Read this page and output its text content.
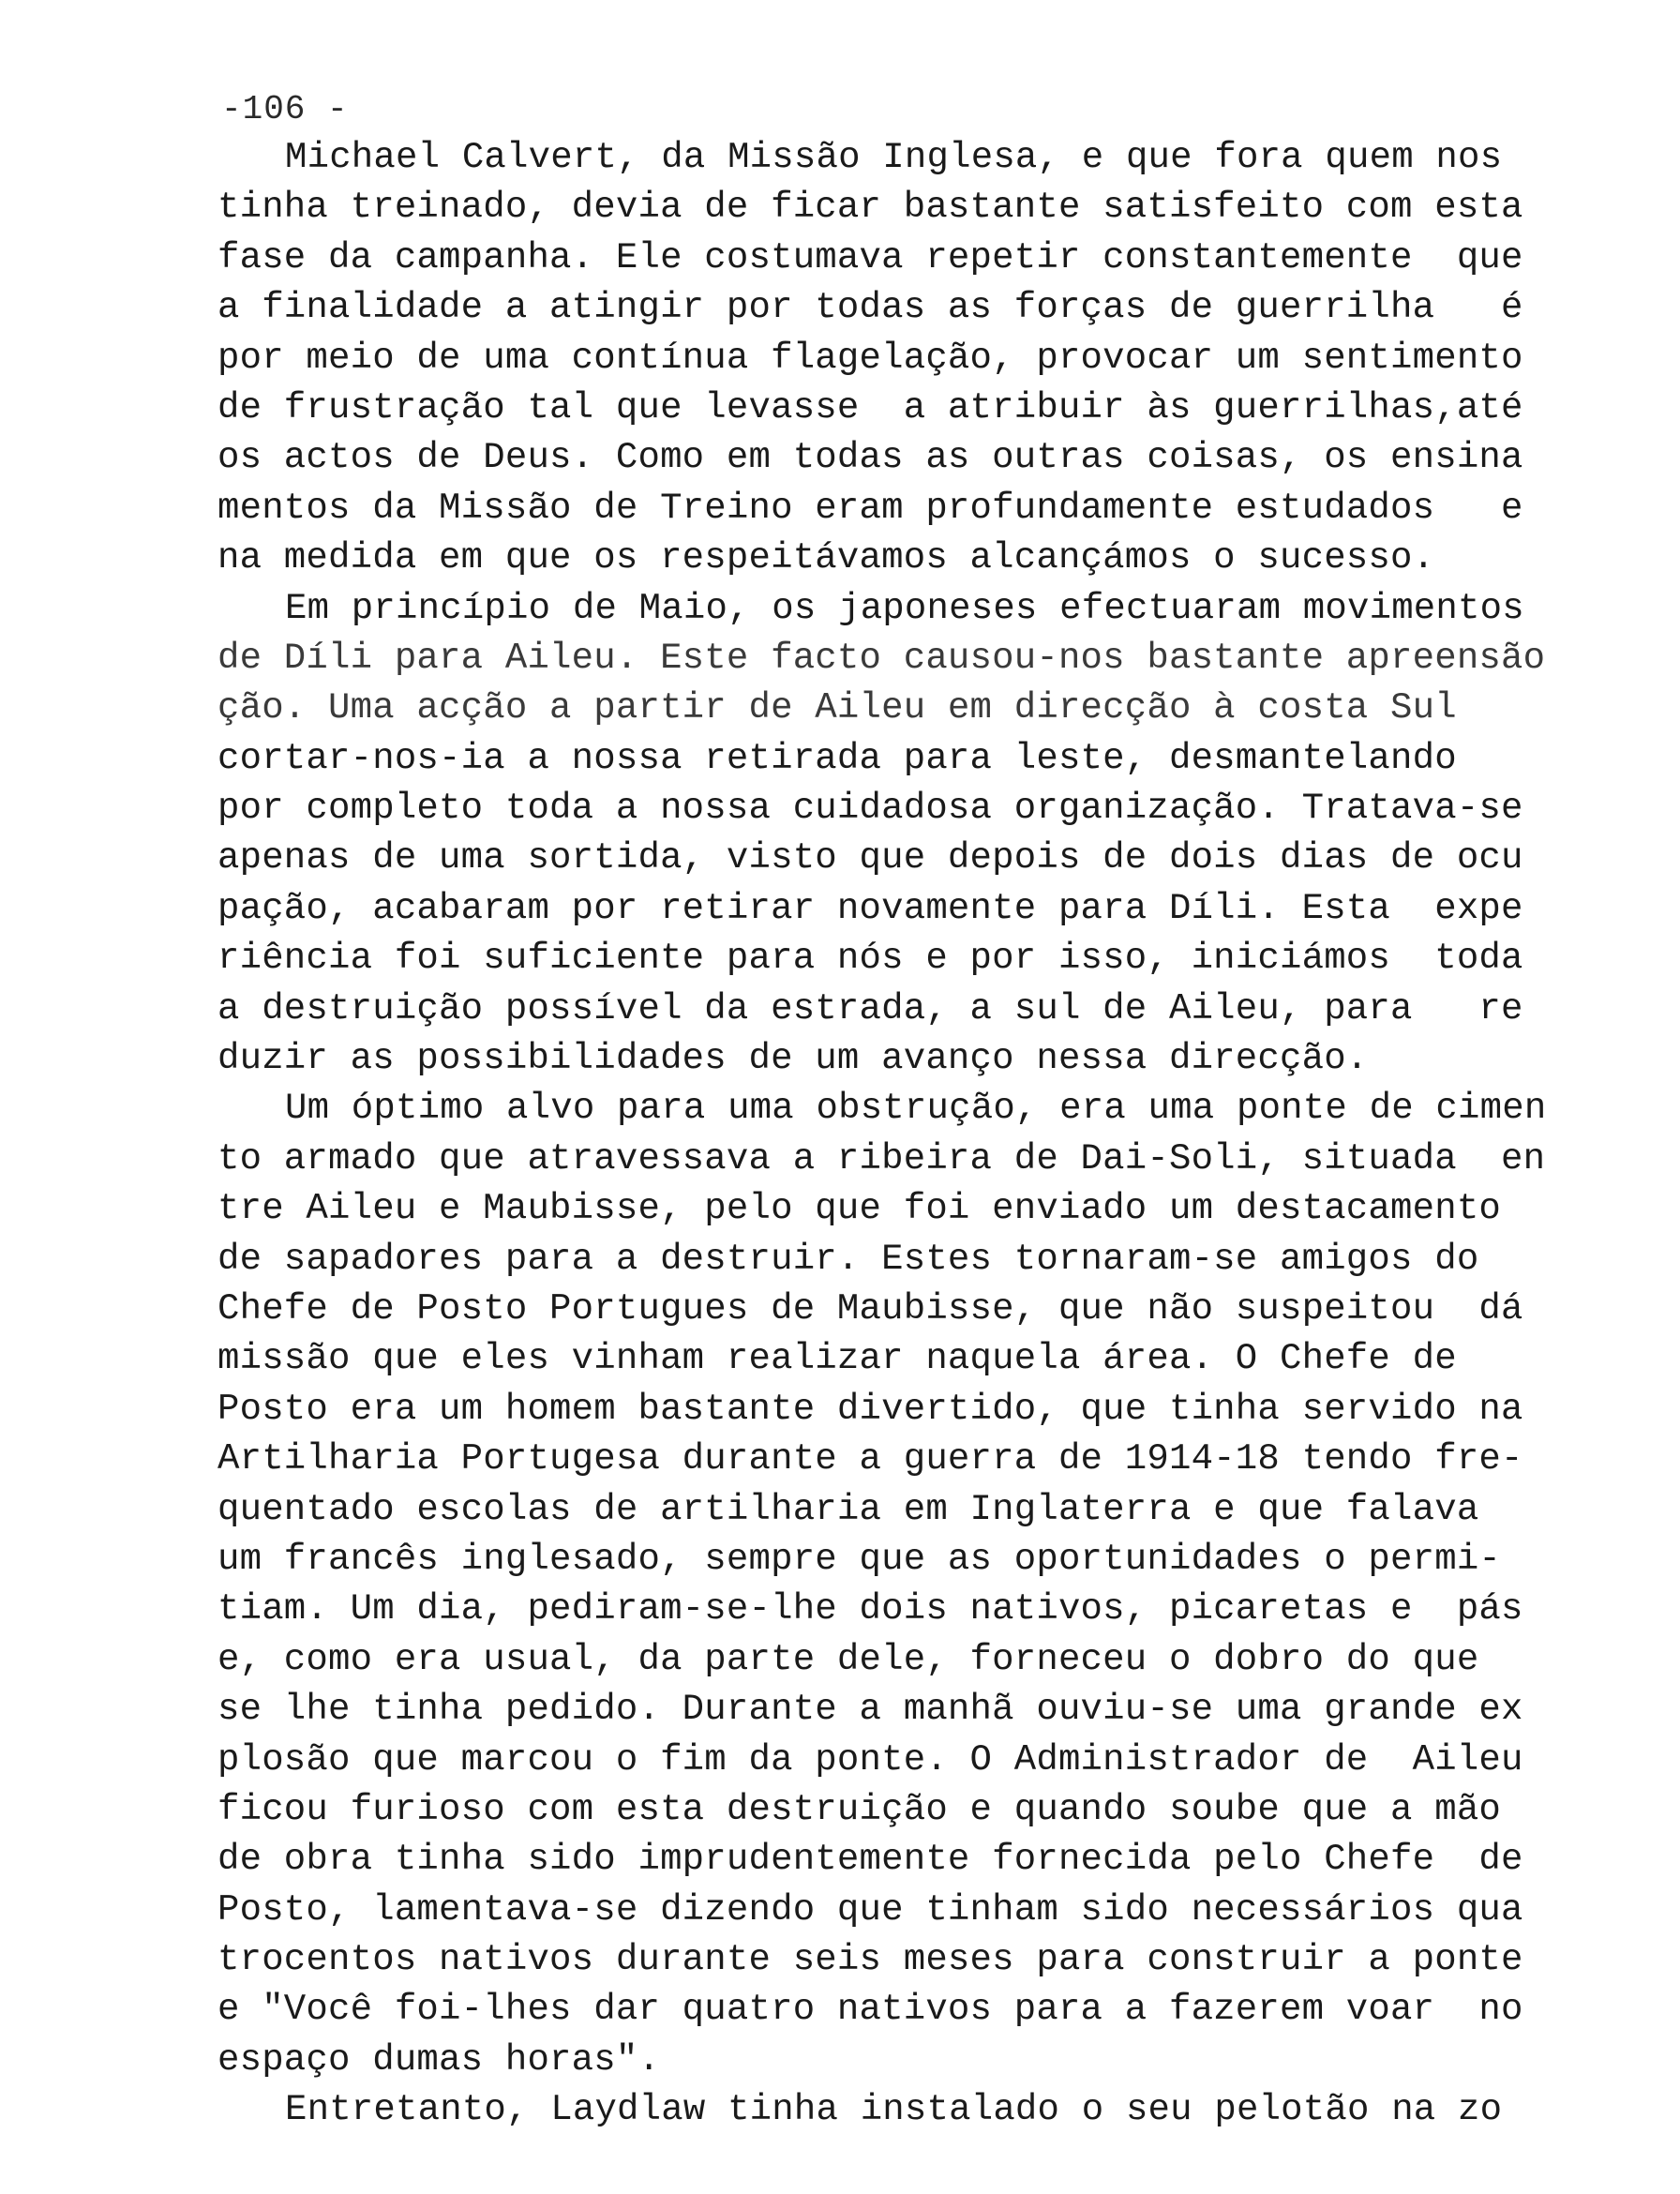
-106 -
Michael Calvert, da Missão Inglesa, e que fora quem nos
tinha treinado, devia de ficar bastante satisfeito com esta
fase da campanha. Ele costumava repetir constantemente  que
a finalidade a atingir por todas as forças de guerrilha   é
por meio de uma contínua flagelação, provocar um sentimento
de frustração tal que levasse  a atribuir às guerrilhas,até
os actos de Deus. Como em todas as outras coisas, os ensina
mentos da Missão de Treino eram profundamente estudados   e
na medida em que os respeitávamos alcançámos o sucesso.
Em princípio de Maio, os japoneses efectuaram movimentos
de Díli para Aileu. Este facto causou-nos bastante apreensão
ção. Uma acção a partir de Aileu em direcção à costa Sul
cortar-nos-ia a nossa retirada para leste, desmantelando
por completo toda a nossa cuidadosa organização. Tratava-se
apenas de uma sortida, visto que depois de dois dias de ocu
pação, acabaram por retirar novamente para Díli. Esta  expe
riência foi suficiente para nós e por isso, iniciámos  toda
a destruição possível da estrada, a sul de Aileu, para   re
duzir as possibilidades de um avanço nessa direcção.
Um óptimo alvo para uma obstrução, era uma ponte de cimen
to armado que atravessava a ribeira de Dai-Soli, situada  en
tre Aileu e Maubisse, pelo que foi enviado um destacamento
de sapadores para a destruir. Estes tornaram-se amigos do
Chefe de Posto Portugues de Maubisse, que não suspeitou  dá
missão que eles vinham realizar naquela área. O Chefe de
Posto era um homem bastante divertido, que tinha servido na
Artilharia Portugesa durante a guerra de 1914-18 tendo fre-
quentado escolas de artilharia em Inglaterra e que falava
um francês inglesado, sempre que as oportunidades o permi-
tiam. Um dia, pediram-se-lhe dois nativos, picaretas e  pás
e, como era usual, da parte dele, forneceu o dobro do que
se lhe tinha pedido. Durante a manhã ouviu-se uma grande ex
plosão que marcou o fim da ponte. O Administrador de  Aileu
ficou furioso com esta destruição e quando soube que a mão
de obra tinha sido imprudentemente fornecida pelo Chefe  de
Posto, lamentava-se dizendo que tinham sido necessários qua
trocentos nativos durante seis meses para construir a ponte
e "Você foi-lhes dar quatro nativos para a fazerem voar  no
espaço dumas horas".
Entretanto, Laydlaw tinha instalado o seu pelotão na zo
